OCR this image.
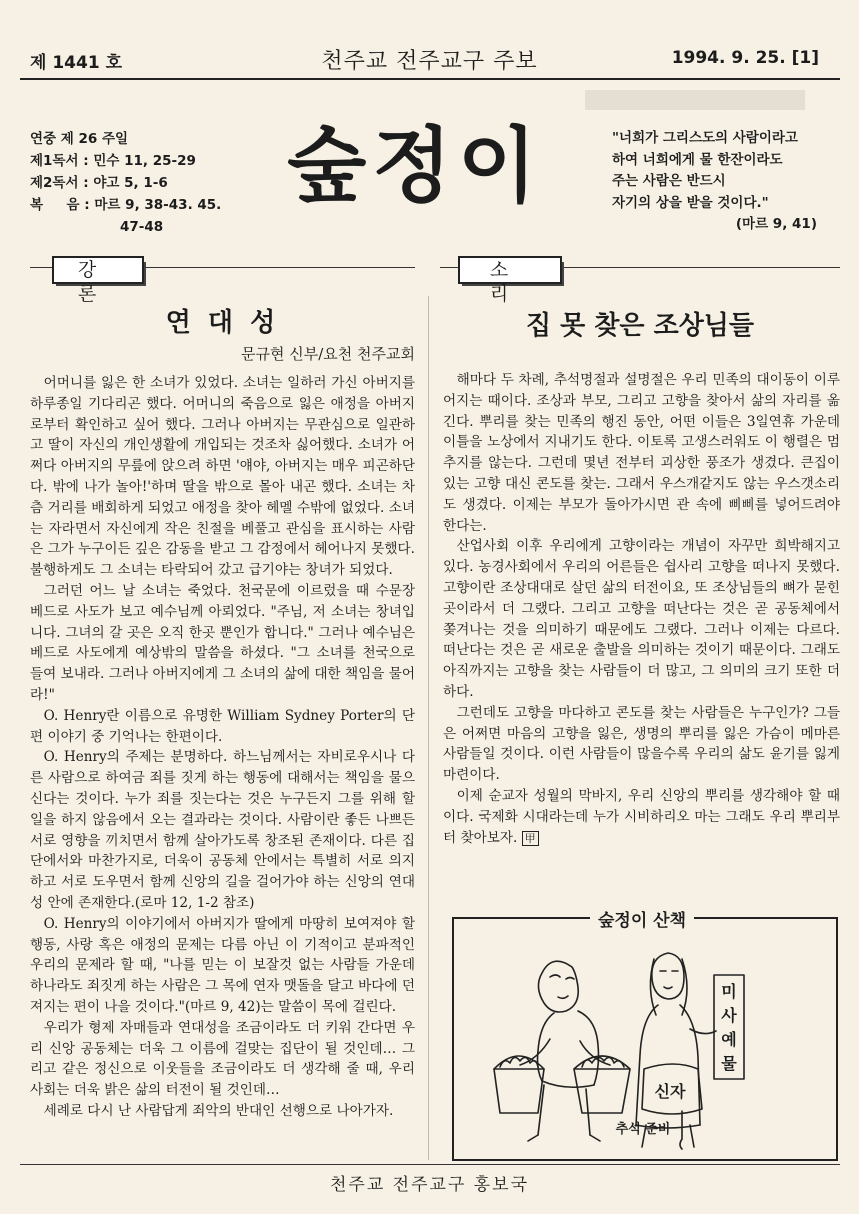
제 1441 호	천주교 전주교구 주보	1994. 9. 25. [1]
연중 제 26 주일
제1독서 : 민수 11, 25-29
제2독서 : 야고 5, 1-6
복     음 : 마르 9, 38-43. 45.
47-48
숲정이	"너희가 그리스도의 사람이라고
하여 너희에게 물 한잔이라도
주는 사람은 반드시
자기의 상을 받을 것이다."
(마르 9, 41)
강 론
소 리
연 대 성
문규현 신부/요천 천주교회
집 못 찾은 조상님들

어머니를 잃은 한 소녀가 있었다. 소녀는 일하러 가신 아버지를 하루종일 기다리곤 했다. 어머니의 죽음으로 잃은 애정을 아버지로부터 확인하고 싶어 했다. 그러나 아버지는 무관심으로 일관하고 딸이 자신의 개인생활에 개입되는 것조차 싫어했다. 소녀가 어쩌다 아버지의 무릎에 앉으려 하면 '얘야, 아버지는 매우 피곤하단다. 밖에 나가 놀아!'하며 딸을 밖으로 몰아 내곤 했다. 소녀는 차츰 거리를 배회하게 되었고 애정을 찾아 헤멜 수밖에 없었다. 소녀는 자라면서 자신에게 작은 친절을 베풀고 관심을 표시하는 사람은 그가 누구이든 깊은 감동을 받고 그 감정에서 헤어나지 못했다. 불행하게도 그 소녀는 타락되어 갔고 급기야는 창녀가 되었다.

그러던 어느 날 소녀는 죽었다. 천국문에 이르렀을 때 수문장 베드로 사도가 보고 예수님께 아뢰었다. "주님, 저 소녀는 창녀입니다. 그녀의 갈 곳은 오직 한곳 뿐인가 합니다." 그러나 예수님은 베드로 사도에게 예상밖의 말씀을 하셨다. "그 소녀를 천국으로 들여 보내라. 그러나 아버지에게 그 소녀의 삶에 대한 책임을 물어라!"

O. Henry란 이름으로 유명한 William Sydney Porter의 단편 이야기 중 기억나는 한편이다.

O. Henry의 주제는 분명하다. 하느님께서는 자비로우시나 다른 사람으로 하여금 죄를 짓게 하는 행동에 대해서는 책임을 물으신다는 것이다. 누가 죄를 짓는다는 것은 누구든지 그를 위해 할 일을 하지 않음에서 오는 결과라는 것이다. 사람이란 좋든 나쁘든 서로 영향을 끼치면서 함께 살아가도록 창조된 존재이다. 다른 집단에서와 마찬가지로, 더욱이 공동체 안에서는 특별히 서로 의지하고 서로 도우면서 함께 신앙의 길을 걸어가야 하는 신앙의 연대성 안에 존재한다.(로마 12, 1-2 참조)

O. Henry의 이야기에서 아버지가 딸에게 마땅히 보여져야 할 행동, 사랑 혹은 애정의 문제는 다름 아닌 이 기적이고 분파적인 우리의 문제라 할 때, "나를 믿는 이 보잘것 없는 사람들 가운데 하나라도 죄짓게 하는 사람은 그 목에 연자 맷돌을 달고 바다에 던져지는 편이 나을 것이다."(마르 9, 42)는 말씀이 목에 걸린다.

우리가 형제 자매들과 연대성을 조금이라도 더 키워 간다면 우리 신앙 공동체는 더욱 그 이름에 걸맞는 집단이 될 것인데… 그리고 같은 정신으로 이웃들을 조금이라도 더 생각해 줄 때, 우리 사회는 더욱 밝은 삶의 터전이 될 것인데…

세례로 다시 난 사람답게 죄악의 반대인 선행으로 나아가자.

해마다 두 차례, 추석명절과 설명절은 우리 민족의 대이동이 이루어지는 때이다. 조상과 부모, 그리고 고향을 찾아서 삶의 자리를 옮긴다. 뿌리를 찾는 민족의 행진 동안, 어떤 이들은 3일연휴 가운데 이틀을 노상에서 지내기도 한다. 이토록 고생스러워도 이 행렬은 멈추지를 않는다. 그런데 몇년 전부터 괴상한 풍조가 생겼다. 큰집이 있는 고향 대신 콘도를 찾는. 그래서 우스개같지도 않는 우스갯소리도 생겼다. 이제는 부모가 돌아가시면 관 속에 삐삐를 넣어드려야 한다는.

산업사회 이후 우리에게 고향이라는 개념이 자꾸만 희박해지고 있다. 농경사회에서 우리의 어른들은 쉽사리 고향을 떠나지 못했다. 고향이란 조상대대로 살던 삶의 터전이요, 또 조상님들의 뼈가 묻힌 곳이라서 더 그랬다. 그리고 고향을 떠난다는 것은 곧 공동체에서 쫒겨나는 것을 의미하기 때문에도 그랬다. 그러나 이제는 다르다. 떠난다는 것은 곧 새로운 출발을 의미하는 것이기 때문이다. 그래도 아직까지는 고향을 찾는 사람들이 더 많고, 그 의미의 크기 또한 더하다.

그런데도 고향을 마다하고 콘도를 찾는 사람들은 누구인가? 그들은 어쩌면 마음의 고향을 잃은, 생명의 뿌리를 잃은 가슴이 메마른 사람들일 것이다. 이런 사람들이 많을수록 우리의 삶도 윤기를 잃게 마련이다.

이제 순교자 성월의 막바지, 우리 신앙의 뿌리를 생각해야 할 때이다. 국제화 시대라는데 누가 시비하리오 마는 그래도 우리 뿌리부터 찾아보자. 甲

미
사
예
물
신자
숲정이 산책
추석 준비
천주교 전주교구 홍보국
